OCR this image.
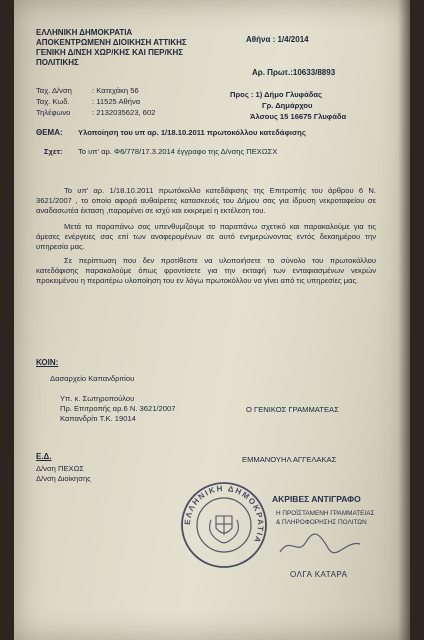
ΕΛΛΗΝΙΚΗ ΔΗΜΟΚΡΑΤΙΑ
ΑΠΟΚΕΝΤΡΩΜΕΝΗ ΔΙΟΙΚΗΣΗ ΑΤΤΙΚΗΣ
ΓΕΝΙΚΗ Δ/ΝΣΗ ΧΩΡ/ΚΗΣ ΚΑΙ ΠΕΡ/ΚΗΣ
ΠΟΛΙΤΙΚΗΣ
Αθήνα : 1/4/2014
Αρ. Πρωτ.:10633/8893
Ταχ. Δ/νση	: Κατεχάκη 56
Ταχ. Κωδ.	: 11525 Αθήνα
Τηλέφωνο	: 2132035623, 602
Προς : 1) Δήμο Γλυφάδας
Γρ. Δημάρχου
Άλσους 15 16675 Γλυφάδα
ΘΕΜΑ: Υλοποίηση του υπ αρ. 1/18.10.2011 πρωτοκόλλου κατεδάφισης
Σχετ: Το υπ' αρ. Φ6/778/17.3.2014 έγγραφο της Δ/νσης ΠΕΧΩΣΧ
Το υπ' αρ. 1/18.10.2011 πρωτόκολλο κατεδάφισης της Επιτροπής του άρθρου 6 Ν. 3621/2007 , το οποίο αφορά αυθαίρετες κατασκευές του Δήμου σας για ίδρυση νεκροταφείου σε αναδασωτέα έκταση ,παραμένει σε ισχύ και εκκρεμεί η εκτέλεση του.
Μετά τα παραπάνω σας υπενθυμίζουμε το παραπάνω σχετικό και παρακαλούμε για τις άμεσες ενέργειες σας επί των αναφερομένων σε αυτό ενημερώνοντας εντός δεκαημέρου την υπηρεσία μας.
Σε περίπτωση που δεν προτίθεστε να υλοποιήσετε το σύνολο του πρωτοκόλλου κατεδάφισης παρακαλούμε όπως φροντίσετε για την εκταφή των ενταφιασμένων νεκρών προκειμένου η περαιτέρω υλοποίηση του εν λόγω πρωτοκόλλου να γίνει από τις υπηρεσίες μας.
ΚΟΙΝ:
Δασαρχείο Καπανδριτίου
Υπ. κ. Σωτηροπούλου
Πρ. Επιτροπής αρ.6 Ν. 3621/2007
Καπανδρίτι Τ.Κ. 19014
Ο ΓΕΝΙΚΟΣ ΓΡΑΜΜΑΤΕΑΣ
ΕΜΜΑΝΟΥΗΛ ΑΓΓΕΛΑΚΑΣ
Ε.Δ.
Δ/νση ΠΕΧΩΣ
Δ/νση Διοίκησης
ΕΛΛΗΝΙΚΗ ΔΗΜΟΚΡΑΤΙΑ
ΑΚΡΙΒΕΣ ΑΝΤΙΓΡΑΦΟ
Η ΠΡΟΪΣΤΑΜΕΝΗ ΓΡΑΜΜΑΤΕΙΑΣ
& ΠΛΗΡΟΦΟΡΗΣΗΣ ΠΟΛΙΤΩΝ
ΟΛΓΑ ΚΑΤΑΡΑ
